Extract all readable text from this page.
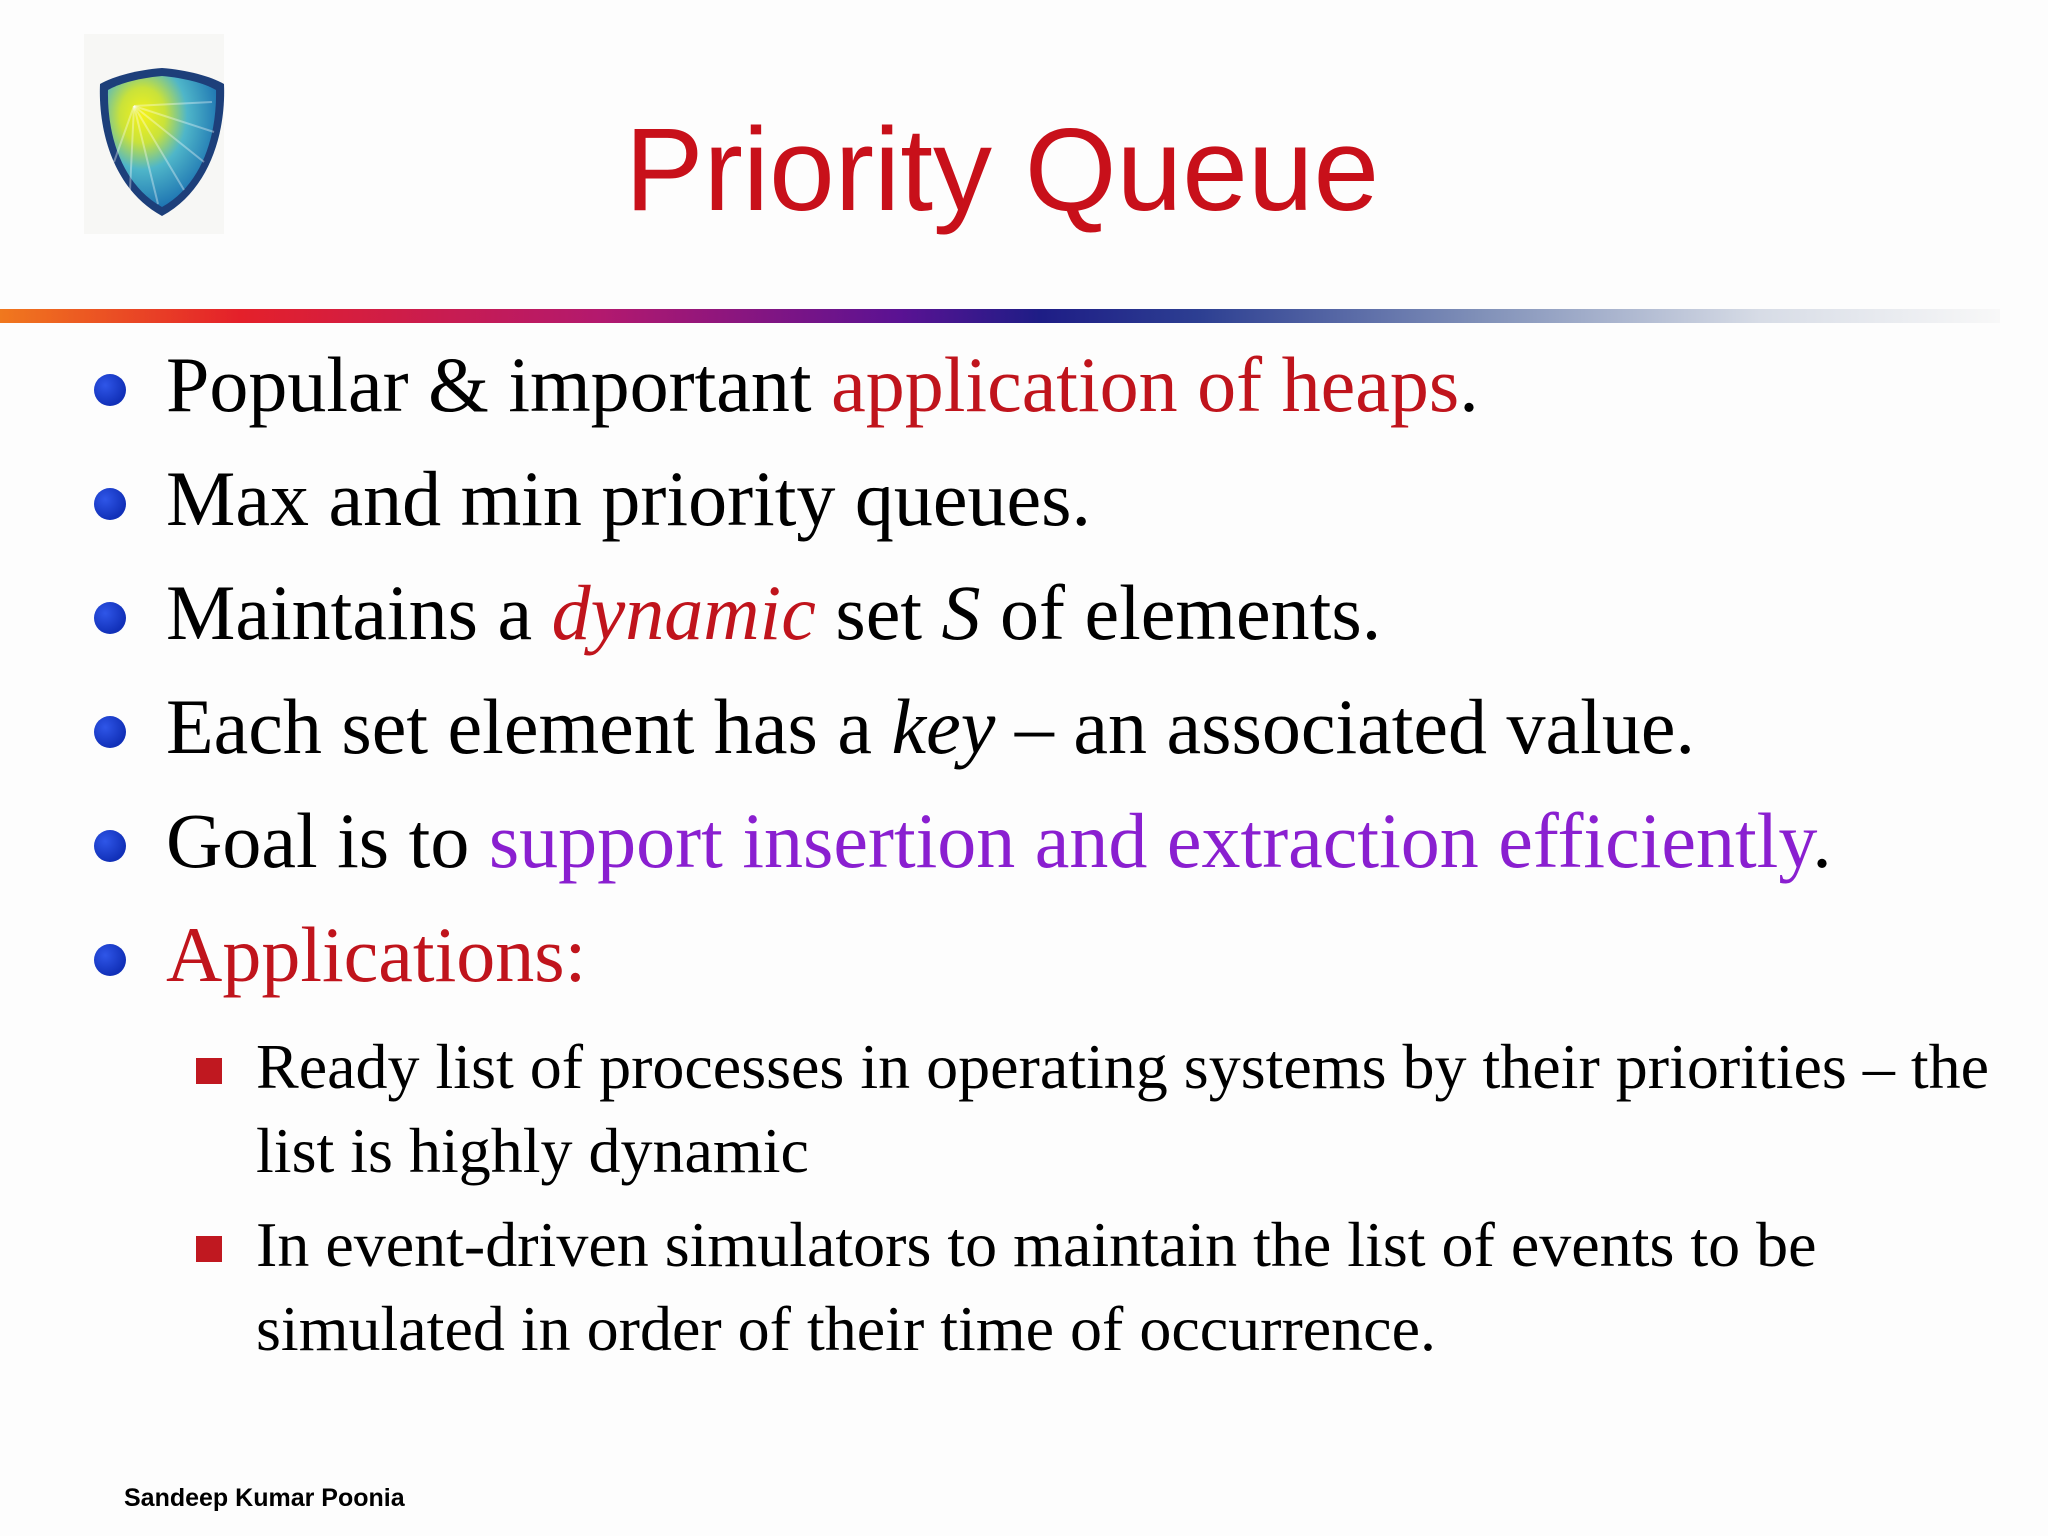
Priority Queue
Popular & important application of heaps.
Max and min priority queues.
Maintains a dynamic set S of elements.
Each set element has a key – an associated value.
Goal is to support insertion and extraction efficiently.
Applications:
Ready list of processes in operating systems by their priorities – the list is highly dynamic
In event-driven simulators to maintain the list of events to be simulated in order of their time of occurrence.
Sandeep Kumar Poonia
